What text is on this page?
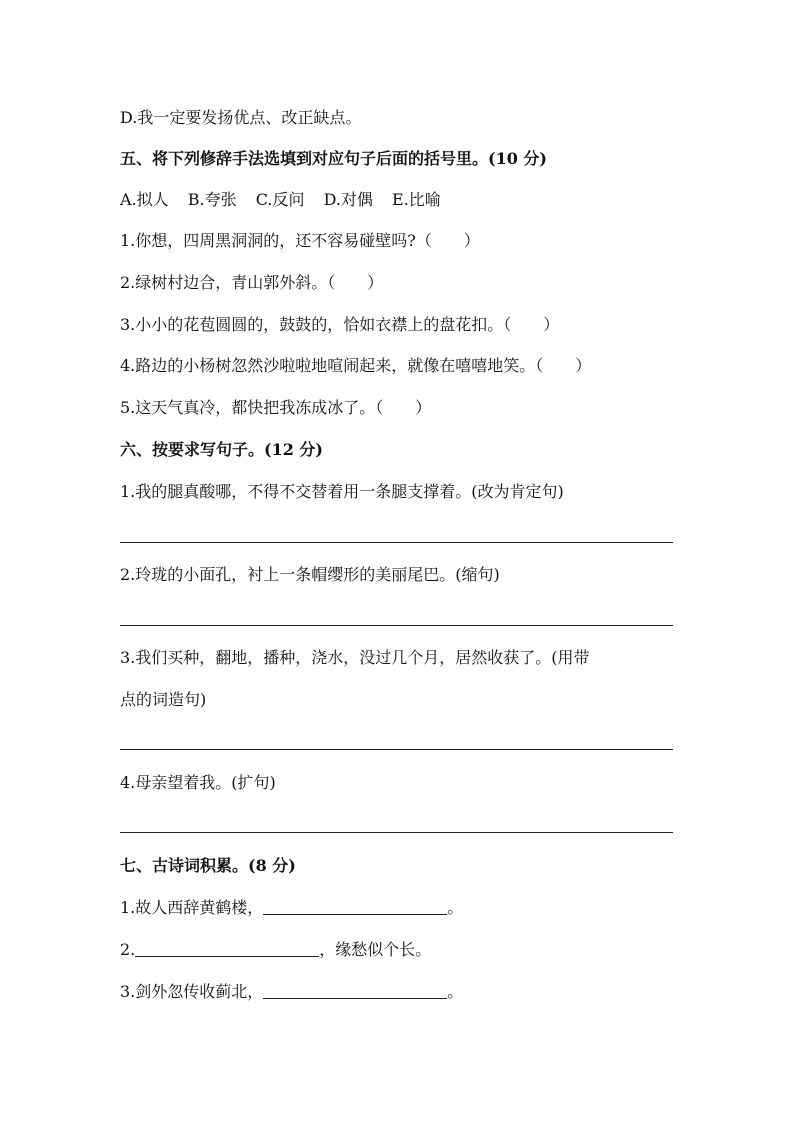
D.我一定要发扬优点、改正缺点。
五、将下列修辞手法选填到对应句子后面的括号里。(10 分)
A.拟人 B.夸张 C.反问 D.对偶 E.比喻
1.你想，四周黑洞洞的，还不容易碰壁吗?（　　）
2.绿树村边合，青山郭外斜。（　　）
3.小小的花苞圆圆的，鼓鼓的，恰如衣襟上的盘花扣。（　　）
4.路边的小杨树忽然沙啦啦地喧闹起来，就像在嘻嘻地笑。（　　）
5.这天气真冷，都快把我冻成冰了。（　　）
六、按要求写句子。(12 分)
1.我的腿真酸哪，不得不交替着用一条腿支撑着。(改为肯定句)
2.玲珑的小面孔，衬上一条帽缨形的美丽尾巴。(缩句)
3.我们买种，翻地，播种，浇水，没过几个月，居然收获了。(用带
点的词造句)
4.母亲望着我。(扩句)
七、古诗词积累。(8 分)
1.故人西辞黄鹤楼，	。
2.	，缘愁似个长。
3.剑外忽传收蓟北，	。
